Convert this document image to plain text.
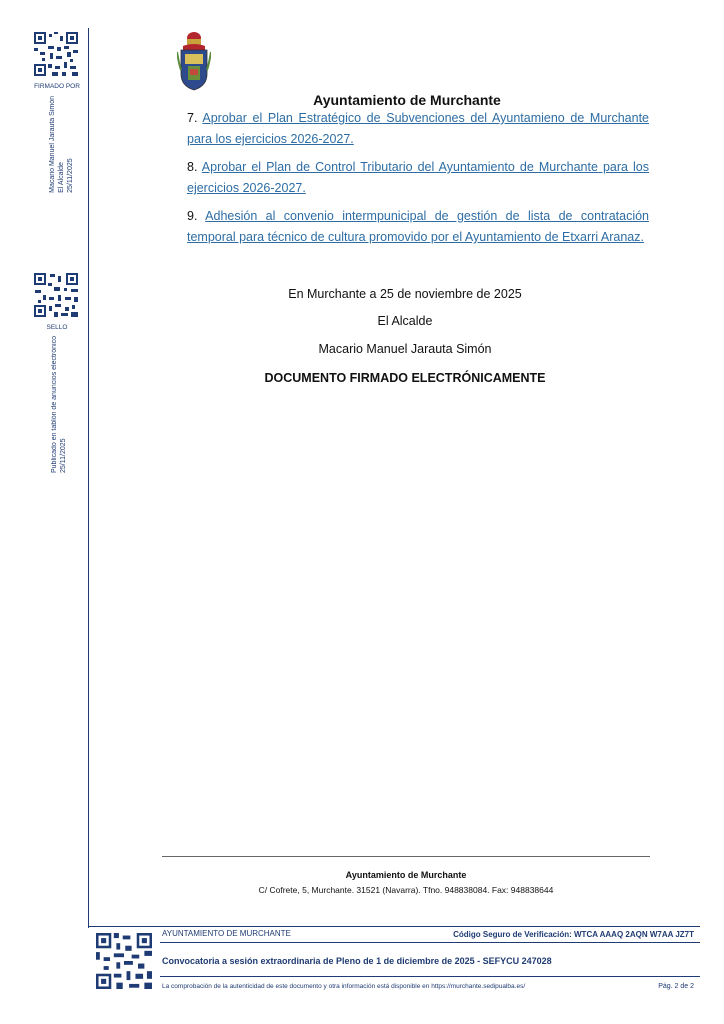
FIRMADO POR
Macario Manuel Jarauta Simón El Alcalde 25/11/2025
SELLO
Publicado en tablón de anuncios electrónico 25/11/2025
Ayuntamiento de Murchante
7. Aprobar el Plan Estratégico de Subvenciones del Ayuntamieno de Murchante para los ejercicios 2026-2027.
8. Aprobar el Plan de Control Tributario del Ayuntamiento de Murchante para los ejercicios 2026-2027.
9. Adhesión al convenio intermpunicipal de gestión de lista de contratación temporal para técnico de cultura promovido por el Ayuntamiento de Etxarri Aranaz.
En Murchante a 25 de noviembre de 2025
El Alcalde
Macario Manuel Jarauta Simón
DOCUMENTO FIRMADO ELECTRÓNICAMENTE
Ayuntamiento de Murchante
C/ Cofrete, 5, Murchante. 31521 (Navarra). Tfno. 948838084. Fax: 948838644
AYUNTAMIENTO DE MURCHANTE	Código Seguro de Verificación: WTCA AAAQ 2AQN W7AA JZ7T
Convocatoria a sesión extraordinaria de Pleno de 1 de diciembre de 2025 - SEFYCU 247028
La comprobación de la autenticidad de este documento y otra información está disponible en https://murchante.sedipualba.es/	Pág. 2 de 2
